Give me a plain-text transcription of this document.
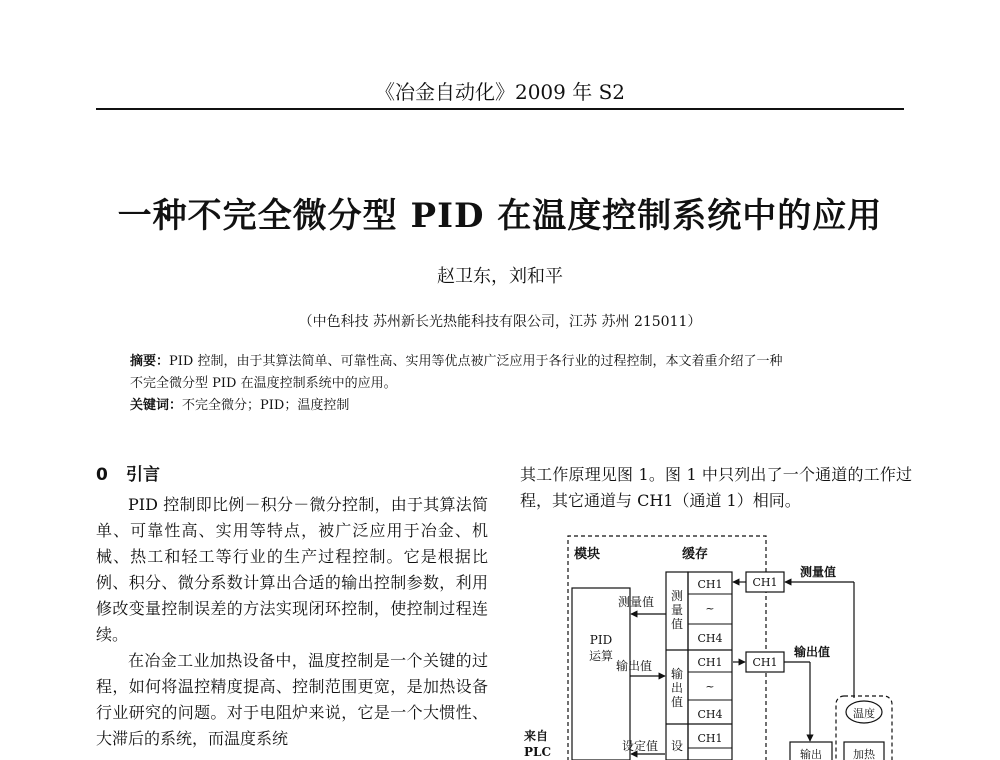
《冶金自动化》2009 年 S2
一种不完全微分型 PID 在温度控制系统中的应用
赵卫东，刘和平
（中色科技 苏州新长光热能科技有限公司，江苏 苏州 215011）
摘要：PID 控制，由于其算法简单、可靠性高、实用等优点被广泛应用于各行业的过程控制，本文着重介绍了一种
不完全微分型 PID 在温度控制系统中的应用。
关键词：不完全微分；PID；温度控制
0 引言
PID 控制即比例－积分－微分控制，由于其算法简单、可靠性高、实用等特点，被广泛应用于冶金、机械、热工和轻工等行业的生产过程控制。它是根据比例、积分、微分系数计算出合适的输出控制参数，利用修改变量控制误差的方法实现闭环控制，使控制过程连续。
在冶金工业加热设备中，温度控制是一个关键的过程，如何将温控精度提高、控制范围更宽，是加热设备行业研究的问题。对于电阻炉来说，它是一个大惯性、大滞后的系统，而温度系统
其工作原理见图 1。图 1 中只列出了一个通道的工作过程，其它通道与 CH1（通道 1）相同。
模块	缓存
PID
运算
测
量
值
输
出
值
设
CH1
~
CH4
CH1
~
CH4
CH1
测量值
输出值
设定值
来自
PLC
CH1
测量值
CH1
输出值
输出
温度
加热
